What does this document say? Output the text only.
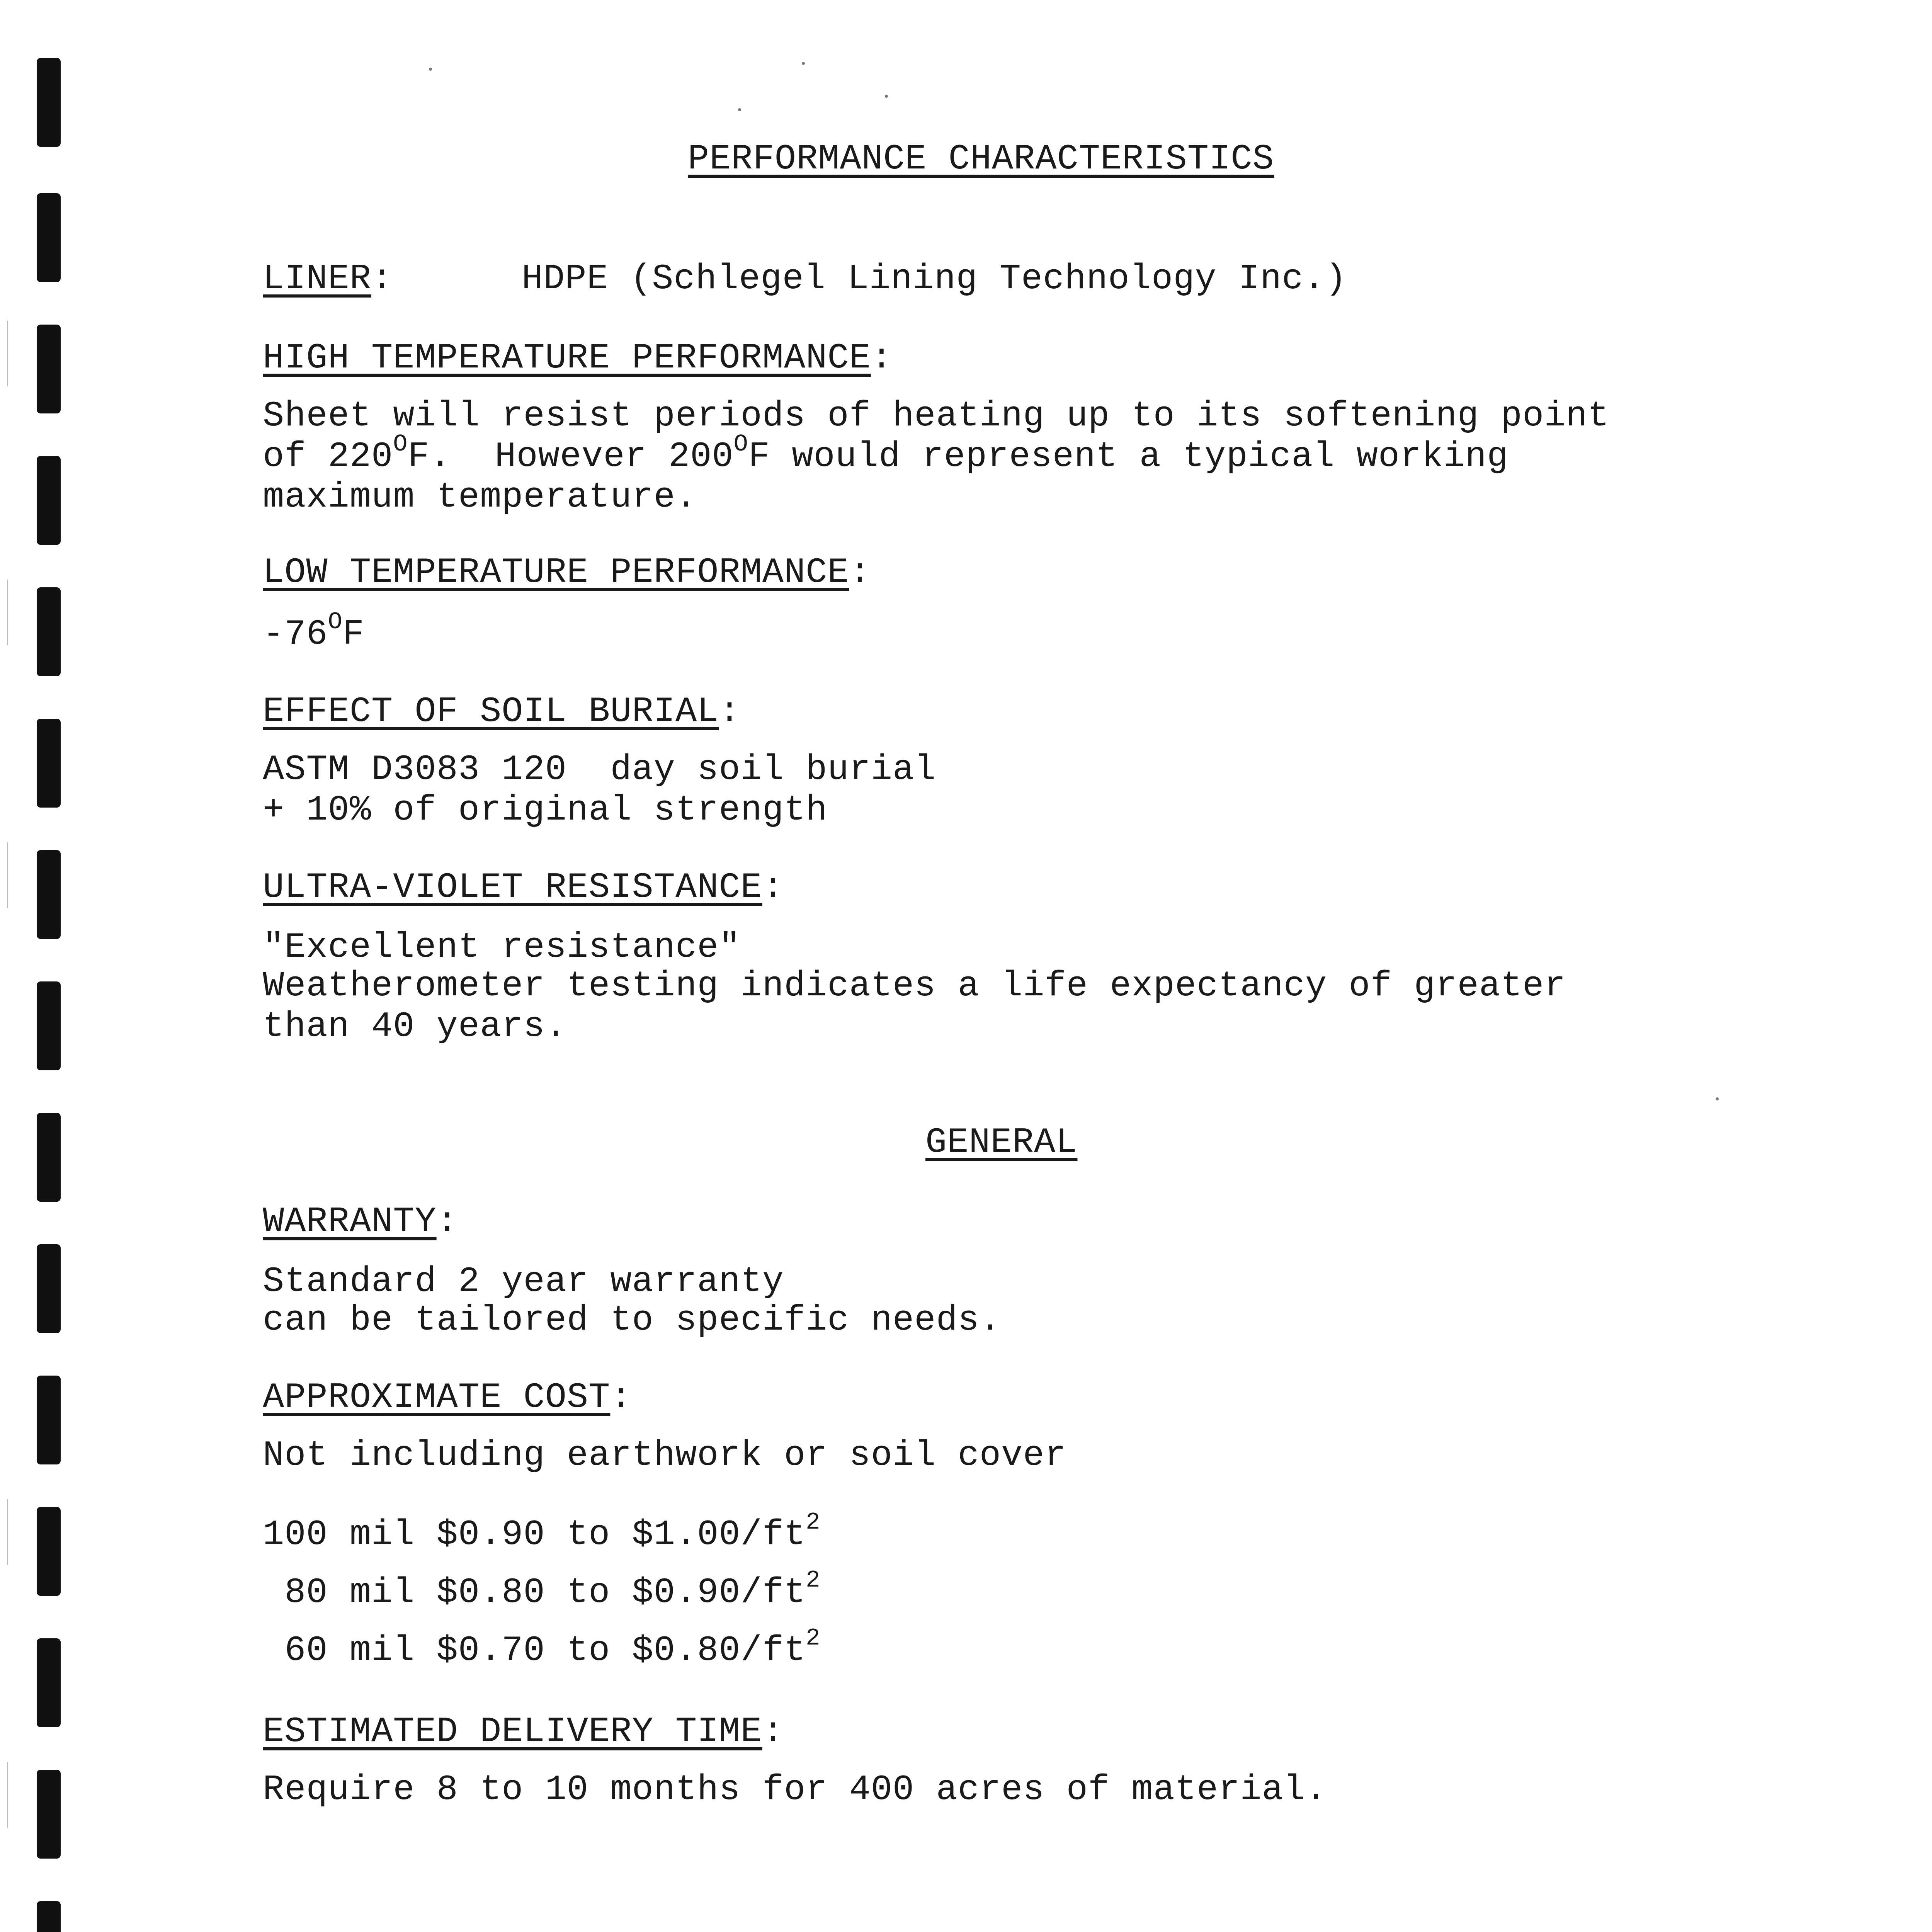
PERFORMANCE CHARACTERISTICS
LINER:	HDPE (Schlegel Lining Technology Inc.)
HIGH TEMPERATURE PERFORMANCE:
Sheet will resist periods of heating up to its softening point
of $220^OF$.  However $200^OF$ would represent a typical working
maximum temperature.
LOW TEMPERATURE PERFORMANCE:
$-76^OF$
EFFECT OF SOIL BURIAL:
ASTM D3083 120  day soil burial
+ 10% of original strength
ULTRA-VIOLET RESISTANCE:
"Excellent resistance"
Weatherometer testing indicates a life expectancy of greater
than 40 years.
GENERAL
WARRANTY:
Standard 2 year warranty
can be tailored to specific needs.
APPROXIMATE COST:
Not including earthwork or soil cover
100 mil $0.90 to $\$1.00/ft^2$
80 mil $0.80 to $\$0.90/ft^2$
60 mil $0.70 to $\$0.80/ft^2$
ESTIMATED DELIVERY TIME:
Require 8 to 10 months for 400 acres of material.
